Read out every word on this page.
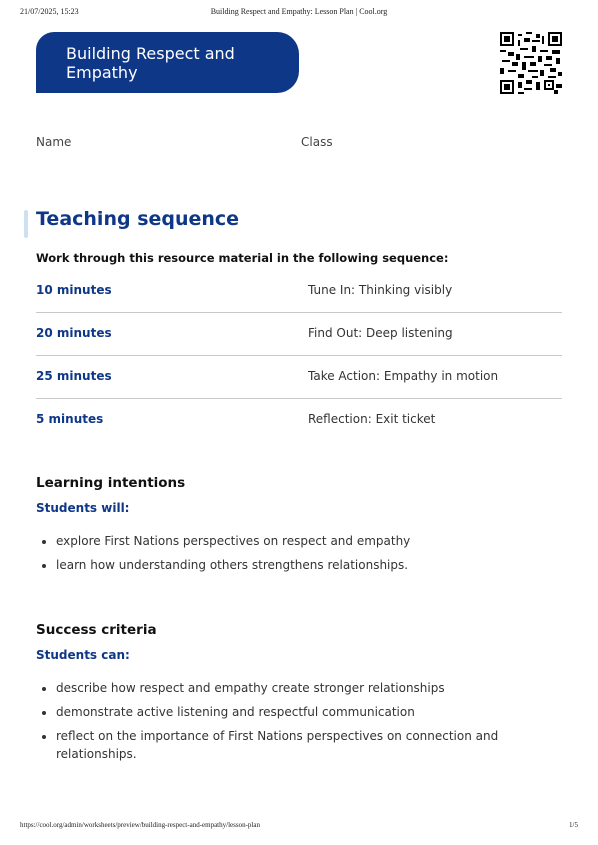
21/07/2025, 15:23	Building Respect and Empathy: Lesson Plan | Cool.org
Building Respect and
Empathy
Name	Class
Teaching sequence
Work through this resource material in the following sequence:
10 minutes	Tune In: Thinking visibly
20 minutes	Find Out: Deep listening
25 minutes	Take Action: Empathy in motion
5 minutes	Reflection: Exit ticket
Learning intentions
Students will:
• explore First Nations perspectives on respect and empathy
• learn how understanding others strengthens relationships.
Success criteria
Students can:
• describe how respect and empathy create stronger relationships
• demonstrate active listening and respectful communication
• reflect on the importance of First Nations perspectives on connection and relationships.
https://cool.org/admin/worksheets/preview/building-respect-and-empathy/lesson-plan	1/5
